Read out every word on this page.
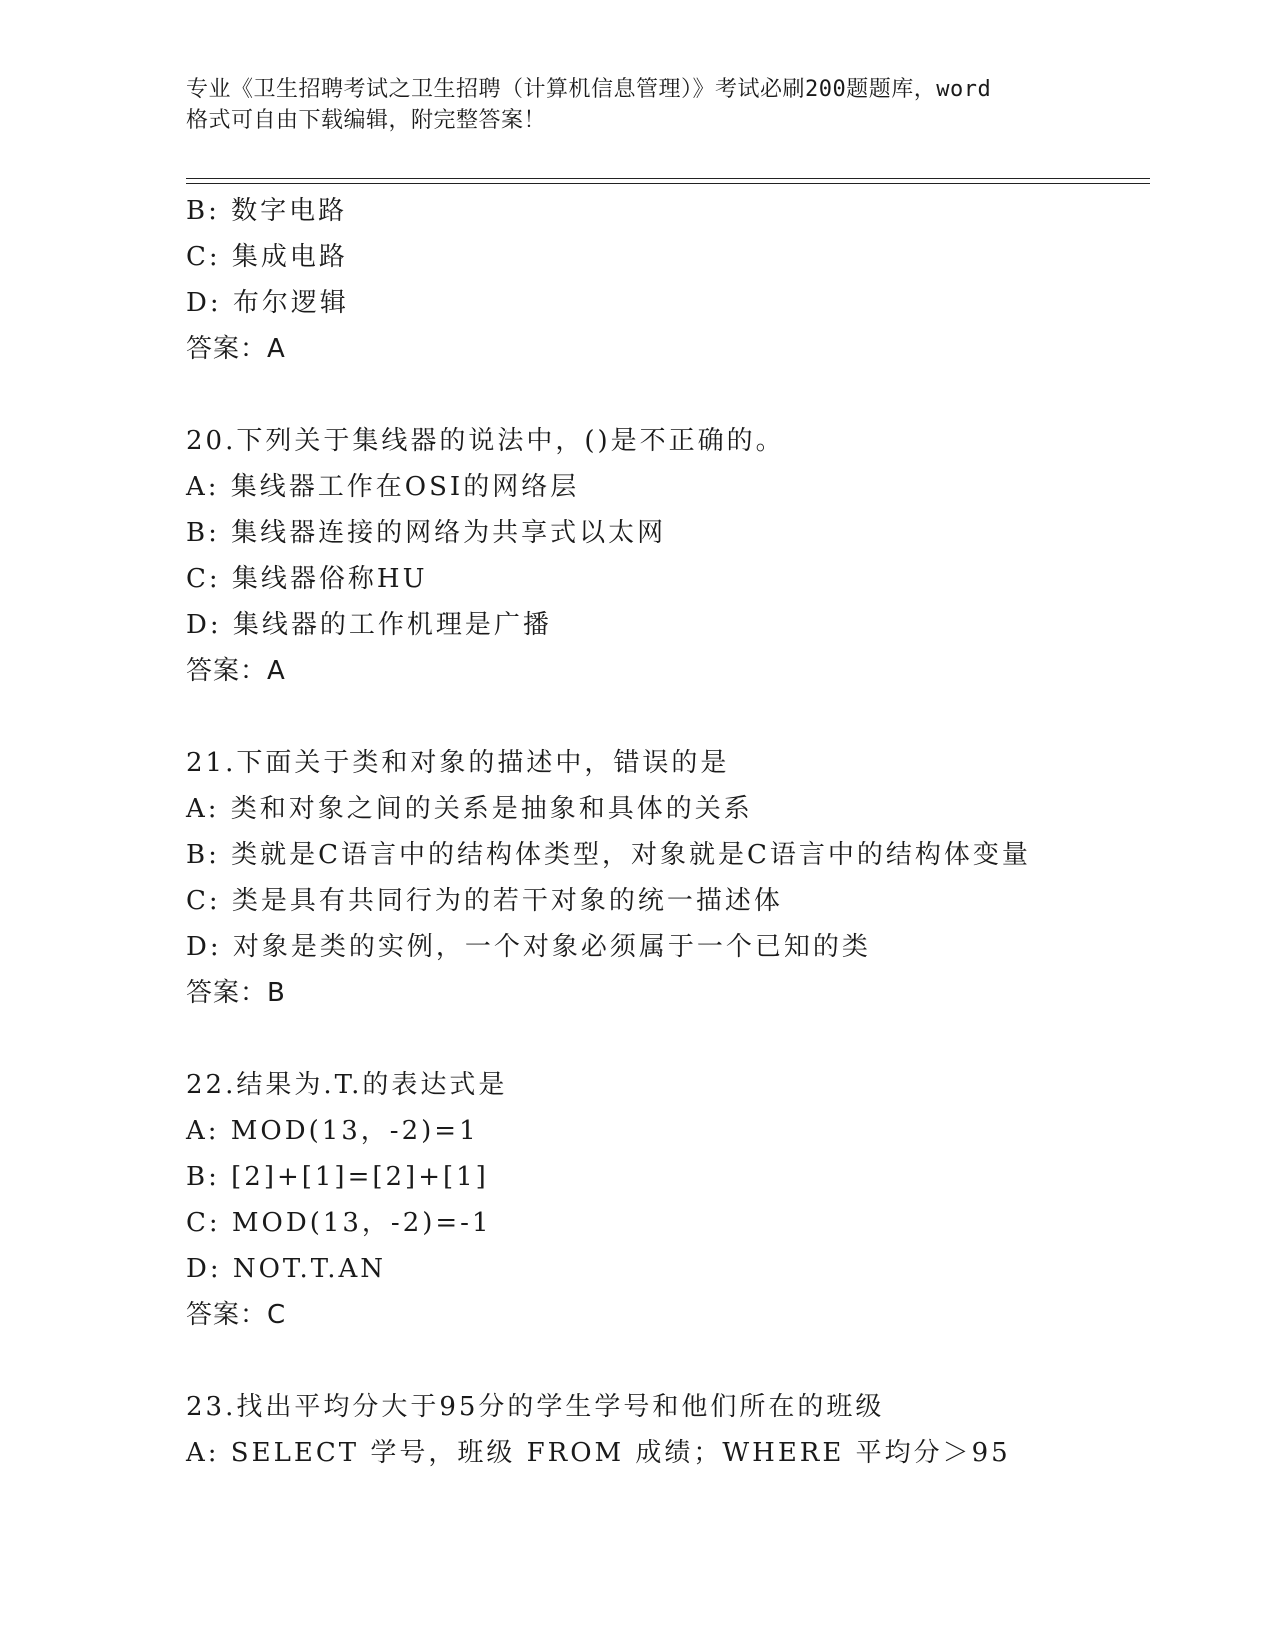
专业《卫生招聘考试之卫生招聘（计算机信息管理）》考试必刷200题题库，word
格式可自由下载编辑，附完整答案！
B: 数字电路
C: 集成电路
D: 布尔逻辑
答案：A
20.下列关于集线器的说法中，()是不正确的。
A: 集线器工作在OSI的网络层
B: 集线器连接的网络为共享式以太网
C: 集线器俗称HU
D: 集线器的工作机理是广播
答案：A
21.下面关于类和对象的描述中，错误的是
A: 类和对象之间的关系是抽象和具体的关系
B: 类就是C语言中的结构体类型，对象就是C语言中的结构体变量
C: 类是具有共同行为的若干对象的统一描述体
D: 对象是类的实例，一个对象必须属于一个已知的类
答案：B
22.结果为.T.的表达式是
A: MOD(13，-2)=1
B: [2]+[1]=[2]+[1]
C: MOD(13，-2)=-1
D: NOT.T.AN
答案：C
23.找出平均分大于95分的学生学号和他们所在的班级
A: SELECT 学号，班级 FROM 成绩；WHERE 平均分＞95
